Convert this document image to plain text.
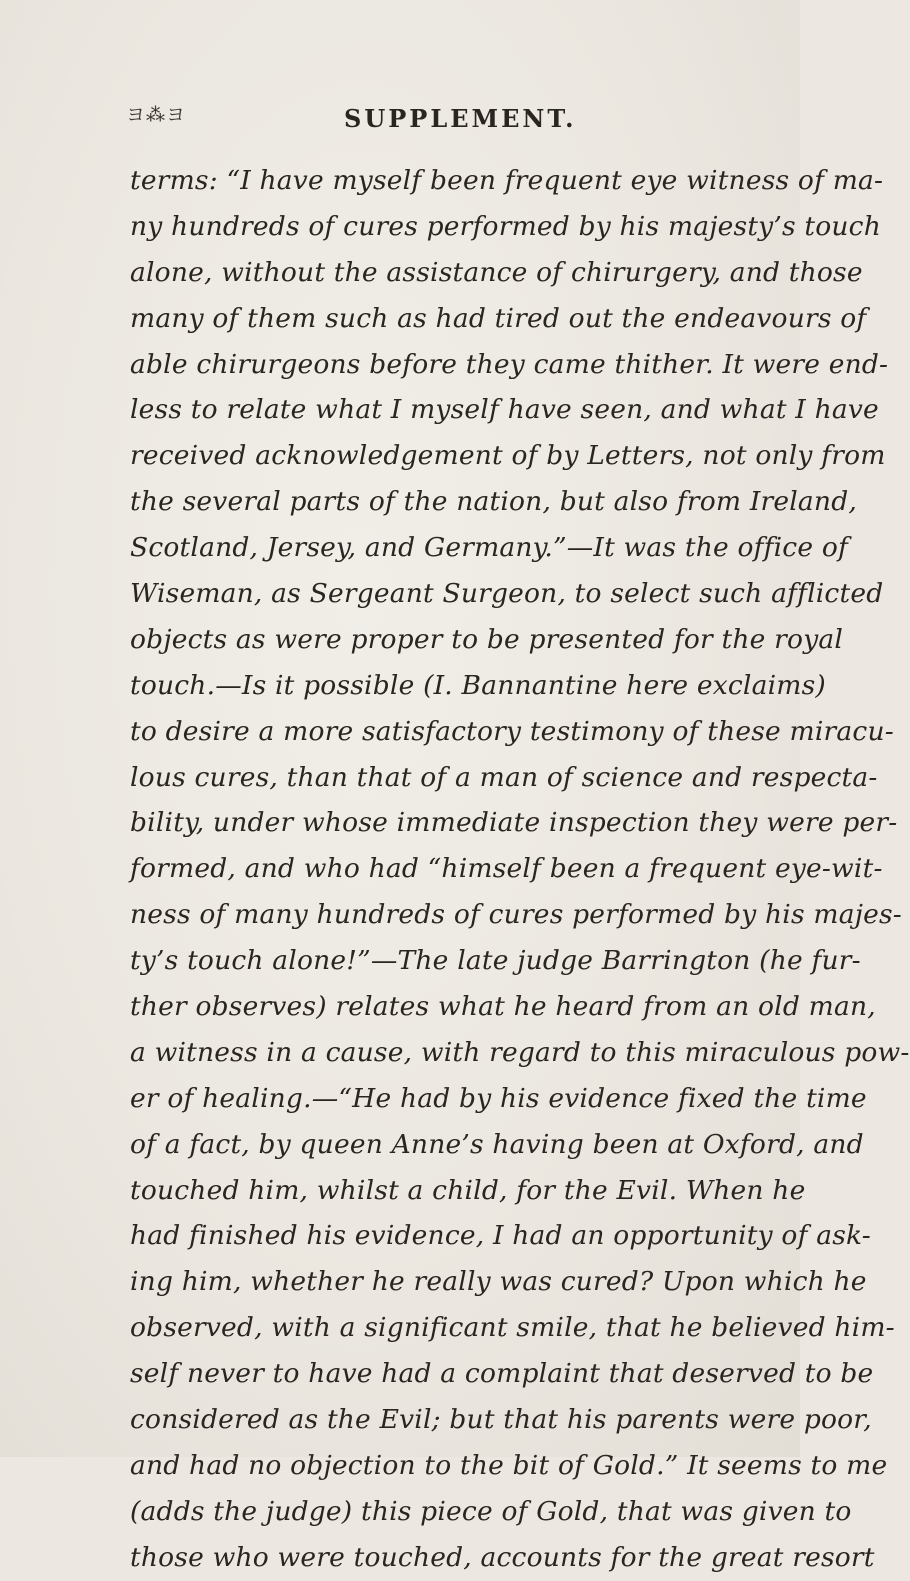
ヨ⁂ヨ	SUPPLEMENT.
terms: “I have myself been frequent eye witness of ma-
ny hundreds of cures performed by his majesty’s touch
alone, without the assistance of chirurgery, and those
many of them such as had tired out the endeavours of
able chirurgeons before they came thither. It were end-
less to relate what I myself have seen, and what I have
received acknowledgement of by Letters, not only from
the several parts of the nation, but also from Ireland,
Scotland, Jersey, and Germany.”—It was the office of
Wiseman, as Sergeant Surgeon, to select such afflicted
objects as were proper to be presented for the royal
touch.—Is it possible (I. Bannantine here exclaims)
to desire a more satisfactory testimony of these miracu-
lous cures, than that of a man of science and respecta-
bility, under whose immediate inspection they were per-
formed, and who had “himself been a frequent eye-wit-
ness of many hundreds of cures performed by his majes-
ty’s touch alone!”—The late judge Barrington (he fur-
ther observes) relates what he heard from an old man,
a witness in a cause, with regard to this miraculous pow-
er of healing.—“He had by his evidence fixed the time
of a fact, by queen Anne’s having been at Oxford, and
touched him, whilst a child, for the Evil. When he
had finished his evidence, I had an opportunity of ask-
ing him, whether he really was cured? Upon which he
observed, with a significant smile, that he believed him-
self never to have had a complaint that deserved to be
considered as the Evil; but that his parents were poor,
and had no objection to the bit of Gold.” It seems to me
(adds the judge) this piece of Gold, that was given to
those who were touched, accounts for the great resort
